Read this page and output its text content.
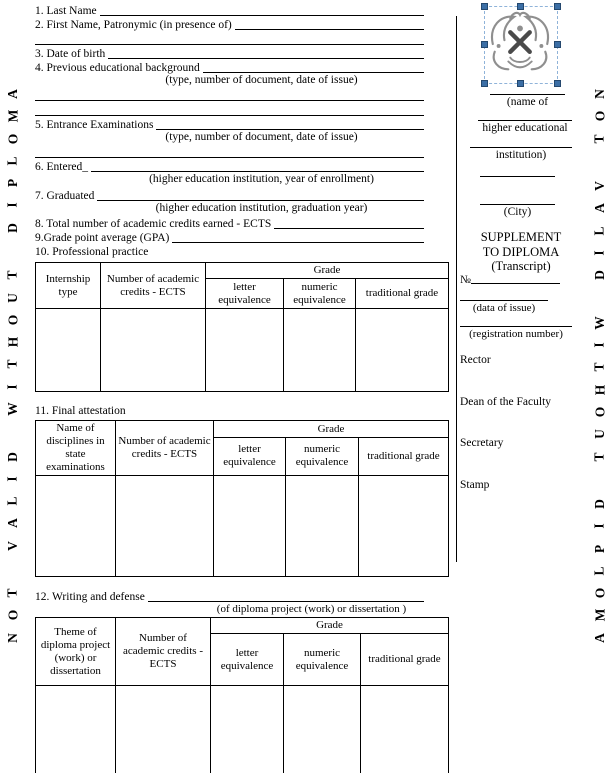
A
M
O
L
P
I
D
T
U
O
H
T
I
W
D
I
L
A
V
T
O
N
N
O
T
V
A
L
I
D
W
I
T
H
O
U
T
D
I
P
L
O
M
A
1. Last Name
2. First Name, Patronymic (in presence of)
3. Date of birth
4. Previous educational background
(type, number of document, date of issue)
5. Entrance Examinations
(type, number of document, date of issue)
6. Entered_
(higher education institution, year of enrollment)
7. Graduated
(higher education institution, graduation year)
8. Total number of academic credits earned - ECTS
9.Grade point average (GPA)
10. Professional practice
Internship type	Number of academic credits - ECTS	Grade		
		letter equivalence	numeric equivalence	traditional grade

11. Final attestation
Name of disciplines in state examinations	Number of academic credits - ECTS	Grade		
		letter equivalence	numeric equivalence	traditional grade

12. Writing and defense
(of diploma project (work) or dissertation )
Theme of diploma project (work) or dissertation	Number of academic credits - ECTS	Grade		
		letter equivalence	numeric equivalence	traditional grade

(name of
higher educational
institution)
(City)
SUPPLEMENT
TO DIPLOMA
(Transcript)
№
(data of issue)
(registration number)
Rector
Dean of the Faculty
Secretary
Stamp
